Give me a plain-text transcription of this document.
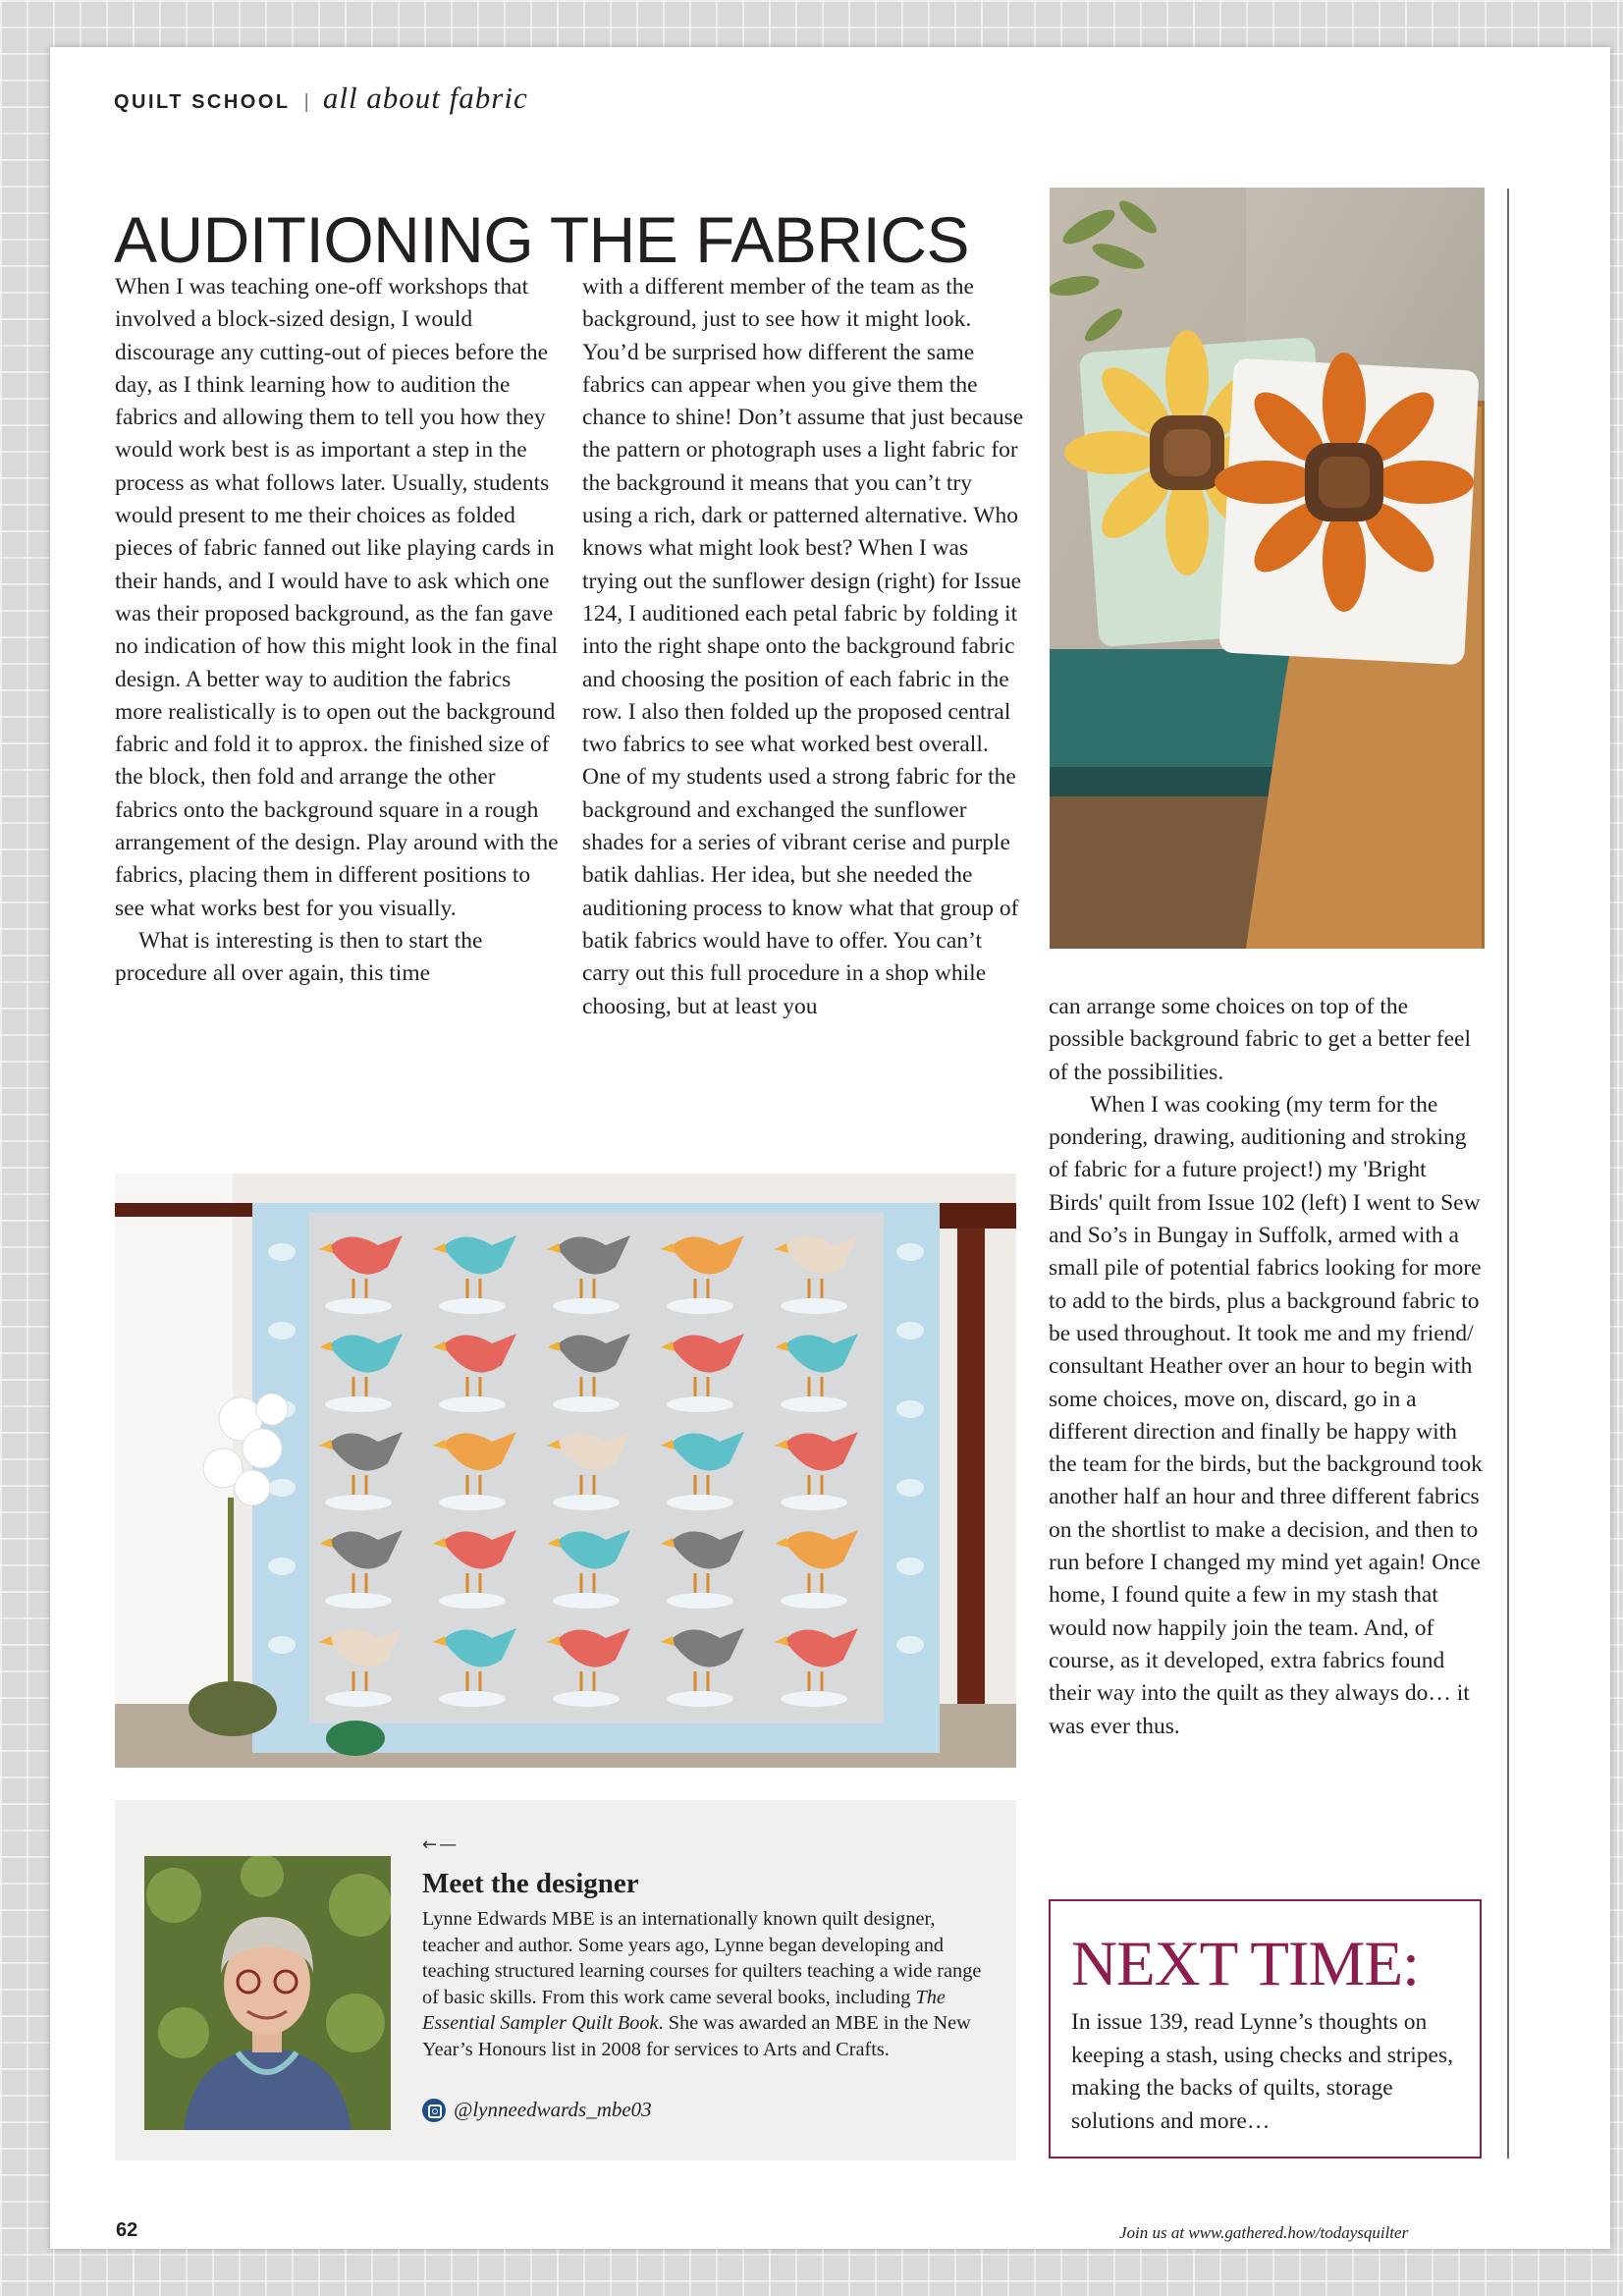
QUILT SCHOOL | all about fabric
AUDITIONING THE FABRICS

When I was teaching one-off workshops that involved a block-sized design, I would discourage any cutting-out of pieces before the day, as I think learning how to audition the fabrics and allowing them to tell you how they would work best is as important a step in the process as what follows later. Usually, students would present to me their choices as folded pieces of fabric fanned out like playing cards in their hands, and I would have to ask which one was their proposed background, as the fan gave no indication of how this might look in the final design. A better way to audition the fabrics more realistically is to open out the background fabric and fold it to approx. the finished size of the block, then fold and arrange the other fabrics onto the background square in a rough arrangement of the design. Play around with the fabrics, placing them in different positions to see what works best for you visually.

What is interesting is then to start the procedure all over again, this time

with a different member of the team as the background, just to see how it might look. You’d be surprised how different the same fabrics can appear when you give them the chance to shine! Don’t assume that just because the pattern or photograph uses a light fabric for the background it means that you can’t try using a rich, dark or patterned alternative. Who knows what might look best? When I was trying out the sunflower design (right) for Issue 124, I auditioned each petal fabric by folding it into the right shape onto the background fabric and choosing the position of each fabric in the row. I also then folded up the proposed central two fabrics to see what worked best overall. One of my students used a strong fabric for the background and exchanged the sunflower shades for a series of vibrant cerise and purple batik dahlias. Her idea, but she needed the auditioning process to know what that group of batik fabrics would have to offer. You can’t carry out this full procedure in a shop while choosing, but at least you	can arrange some choices on top of the possible background fabric to get a better feel of the possibilities.

When I was cooking (my term for the pondering, drawing, auditioning and stroking of fabric for a future project!) my 'Bright Birds' quilt from Issue 102 (left) I went to Sew and So’s in Bungay in Suffolk, armed with a small pile of potential fabrics looking for more to add to the birds, plus a background fabric to be used throughout. It took me and my friend/ consultant Heather over an hour to begin with some choices, move on, discard, go in a different direction and finally be happy with the team for the birds, but the background took another half an hour and three different fabrics on the shortlist to make a decision, and then to run before I changed my mind yet again! Once home, I found quite a few in my stash that would now happily join the team. And, of course, as it developed, extra fabrics found their way into the quilt as they always do… it was ever thus.

←—
Meet the designer

Lynne Edwards MBE is an internationally known quilt designer, teacher and author. Some years ago, Lynne began developing and teaching structured learning courses for quilters teaching a wide range of basic skills. From this work came several books, including The Essential Sampler Quilt Book. She was awarded an MBE in the New Year’s Honours list in 2008 for services to Arts and Crafts.

@lynneedwards_mbe03
NEXT TIME:
In issue 139, read Lynne’s thoughts on keeping a stash, using checks and stripes, making the backs of quilts, storage solutions and more…
62	Join us at www.gathered.how/todaysquilter
